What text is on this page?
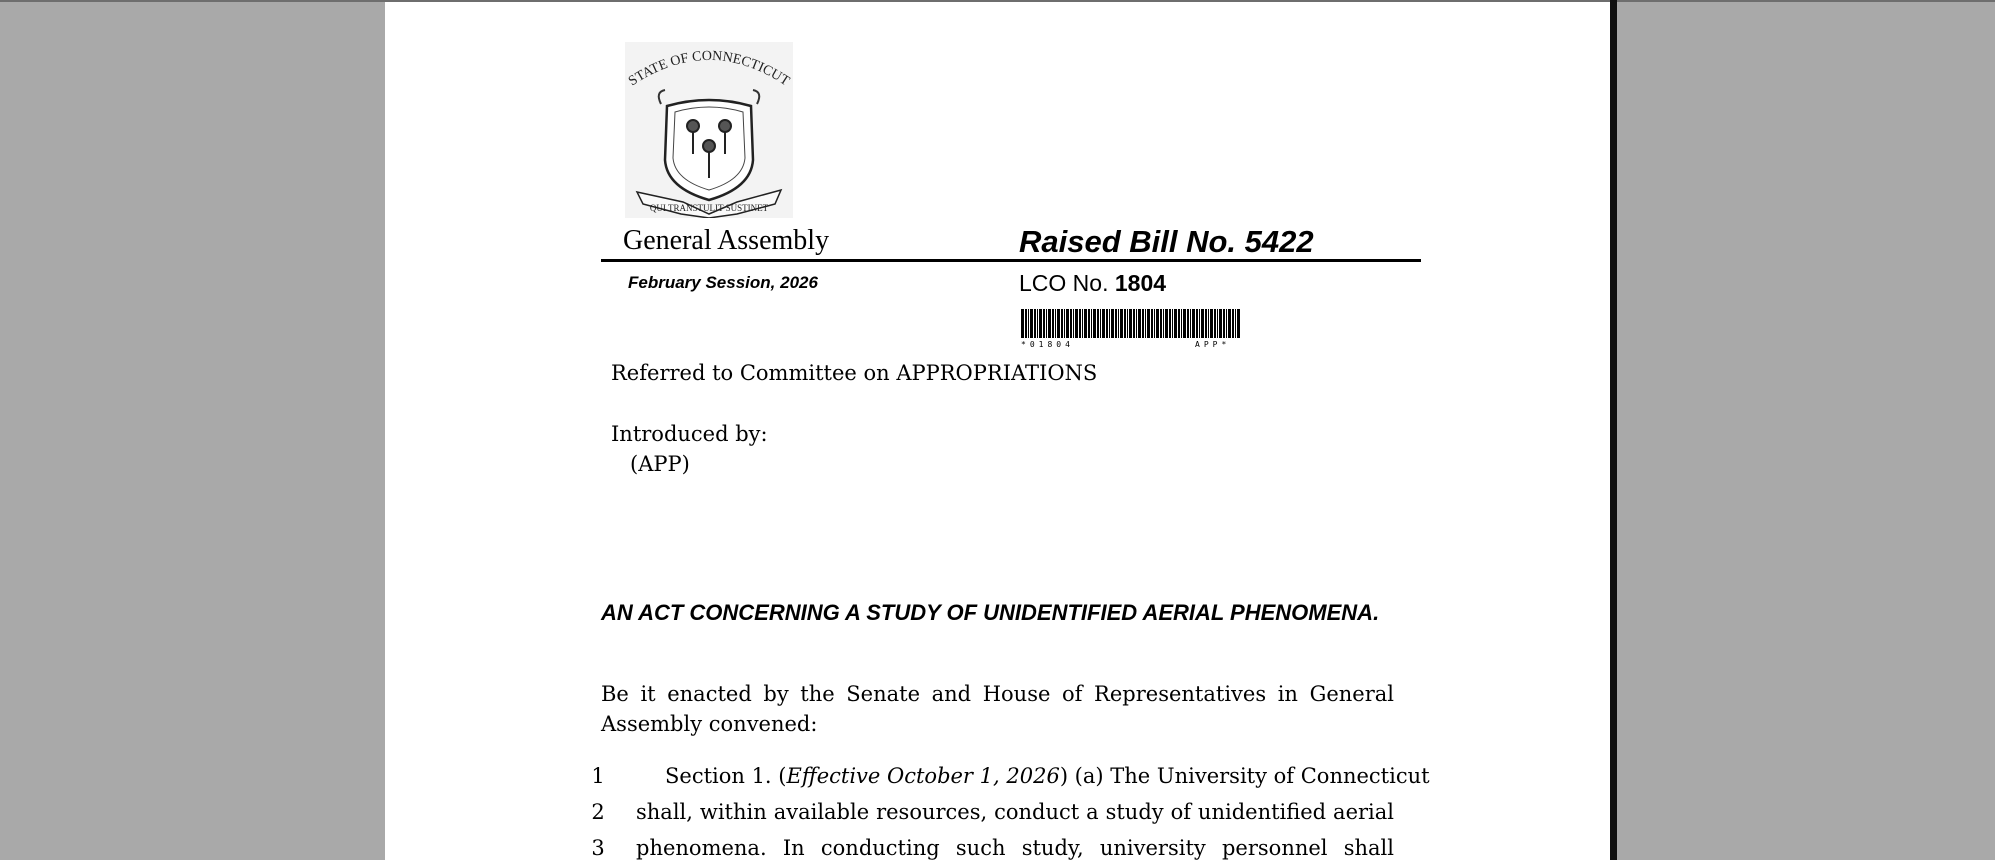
STATE OF CONNECTICUT
QUI TRANSTULIT SUSTINET
General Assembly	Raised Bill No. 5422
February Session, 2026	LCO No. 1804
*01804	APP*
Referred to Committee on APPROPRIATIONS
Introduced by:
(APP)
AN ACT CONCERNING A STUDY OF UNIDENTIFIED AERIAL PHENOMENA.
Be it enacted by the Senate and House of Representatives in General Assembly convened:
1	Section 1. (Effective October 1, 2026) (a) The University of Connecticut
2 shall, within available resources, conduct a study of unidentified aerial
3 phenomena. In conducting such study, university personnel shall
